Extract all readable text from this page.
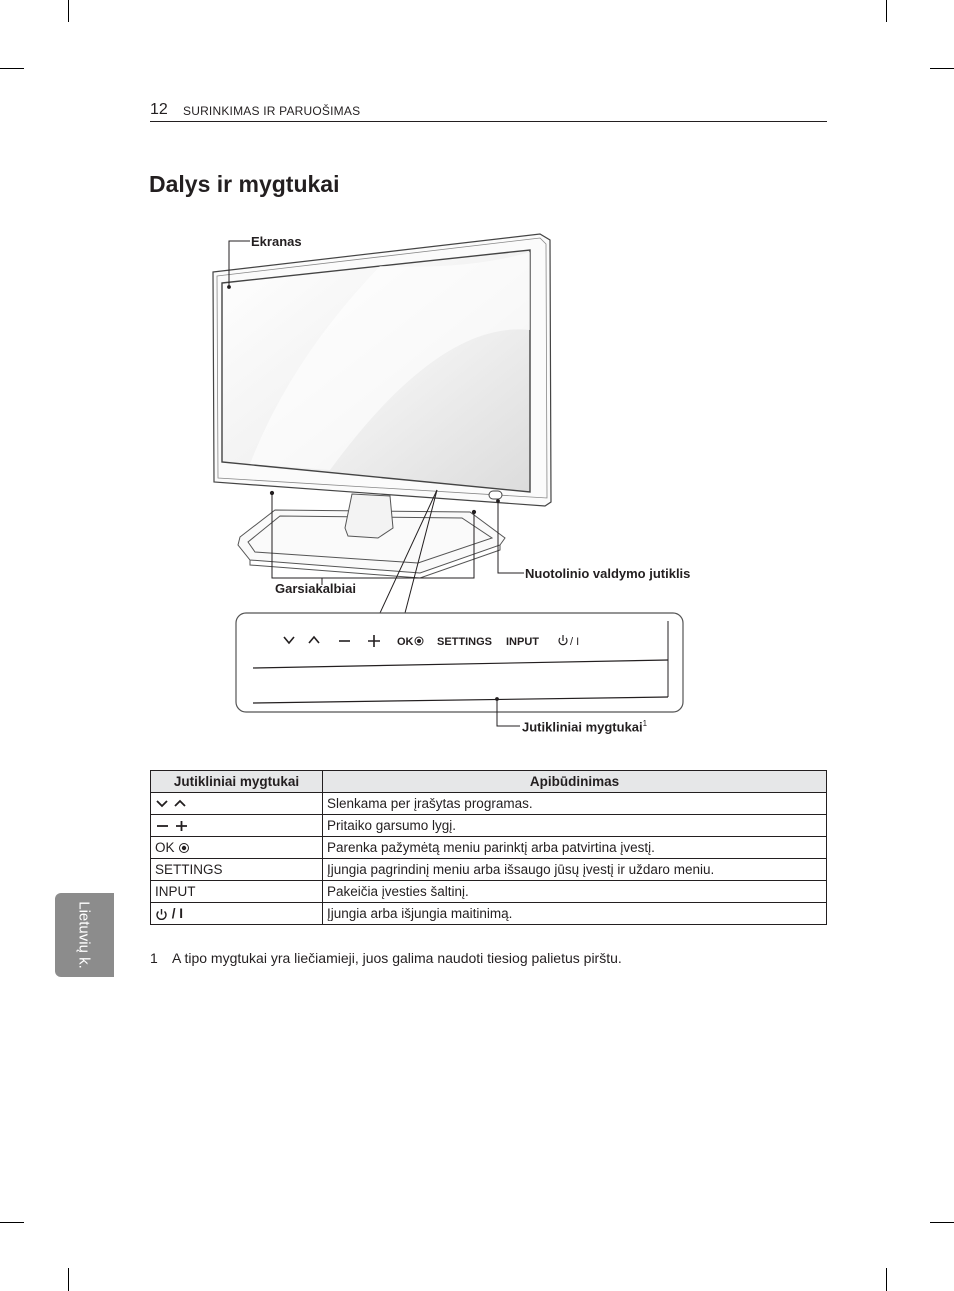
12 SURINKIMAS IR PARUOŠIMAS
Dalys ir mygtukai
OK SETTINGS INPUT	/ I
Ekranas
Garsiakalbiai
Nuotolinio valdymo jutiklis
Jutikliniai mygtukai$^1$
Jutikliniai mygtukai	Apibūdinimas
	Slenkama per įrašytas programas.
	Pritaiko garsumo lygį.
OK	Parenka pažymėtą meniu parinktį arba patvirtina įvestį.
SETTINGS	Įjungia pagrindinį meniu arba išsaugo jūsų įvestį ir uždaro meniu.
INPUT	Pakeičia įvesties šaltinį.
/ I	Įjungia arba išjungia maitinimą.
1 A tipo mygtukai yra liečiamieji, juos galima naudoti tiesiog palietus pirštu.
Lietuvių k.
